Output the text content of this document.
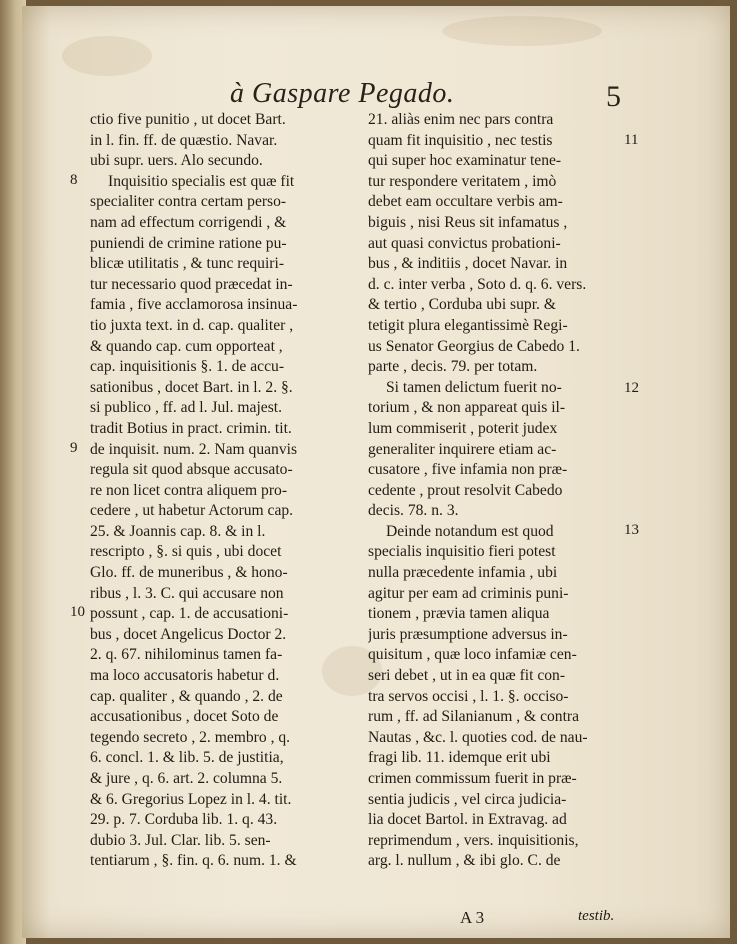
à Gaspare Pegado.	5
ctio five punitio , ut docet Bart.
in l. fin. ff. de quæstio. Navar.
ubi supr. uers. Alo secundo.
Inquisitio specialis est quæ fit
specialiter contra certam perso-
nam ad effectum corrigendi , &
puniendi de crimine ratione pu-
blicæ utilitatis , & tunc requiri-
tur necessario quod præcedat in-
famia , five acclamorosa insinua-
tio juxta text. in d. cap. qualiter ,
& quando cap. cum opporteat ,
cap. inquisitionis §. 1. de accu-
sationibus , docet Bart. in l. 2. §.
si publico , ff. ad l. Jul. majest.
tradit Botius in pract. crimin. tit.
de inquisit. num. 2. Nam quanvis
regula sit quod absque accusato-
re non licet contra aliquem pro-
cedere , ut habetur Actorum cap.
25. & Joannis cap. 8. & in l.
rescripto , §. si quis , ubi docet
Glo. ff. de muneribus , & hono-
ribus , l. 3. C. qui accusare non
possunt , cap. 1. de accusationi-
bus , docet Angelicus Doctor 2.
2. q. 67. nihilominus tamen fa-
ma loco accusatoris habetur d.
cap. qualiter , & quando , 2. de
accusationibus , docet Soto de
tegendo secreto , 2. membro , q.
6. concl. 1. & lib. 5. de justitia,
& jure , q. 6. art. 2. columna 5.
& 6. Gregorius Lopez in l. 4. tit.
29. p. 7. Corduba lib. 1. q. 43.
dubio 3. Jul. Clar. lib. 5. sen-
tentiarum , §. fin. q. 6. num. 1. &
21. aliàs enim nec pars contra
quam fit inquisitio , nec testis
qui super hoc examinatur tene-
tur respondere veritatem , imò
debet eam occultare verbis am-
biguis , nisi Reus sit infamatus ,
aut quasi convictus probationi-
bus , & inditiis , docet Navar. in
d. c. inter verba , Soto d. q. 6. vers.
& tertio , Corduba ubi supr. &
tetigit plura elegantissimè Regi-
us Senator Georgius de Cabedo 1.
parte , decis. 79. per totam.
Si tamen delictum fuerit no-
torium , & non appareat quis il-
lum commiserit , poterit judex
generaliter inquirere etiam ac-
cusatore , five infamia non præ-
cedente , prout resolvit Cabedo
decis. 78. n. 3.
Deinde notandum est quod
specialis inquisitio fieri potest
nulla præcedente infamia , ubi
agitur per eam ad criminis puni-
tionem , prævia tamen aliqua
juris præsumptione adversus in-
quisitum , quæ loco infamiæ cen-
seri debet , ut in ea quæ fit con-
tra servos occisi , l. 1. §. occiso-
rum , ff. ad Silanianum , & contra
Nautas , &c. l. quoties cod. de nau-
fragi lib. 11. idemque erit ubi
crimen commissum fuerit in præ-
sentia judicis , vel circa judicia-
lia docet Bartol. in Extravag. ad
reprimendum , vers. inquisitionis,
arg. l. nullum , & ibi glo. C. de
8
9
10
11
12
13
A 3	testib.
